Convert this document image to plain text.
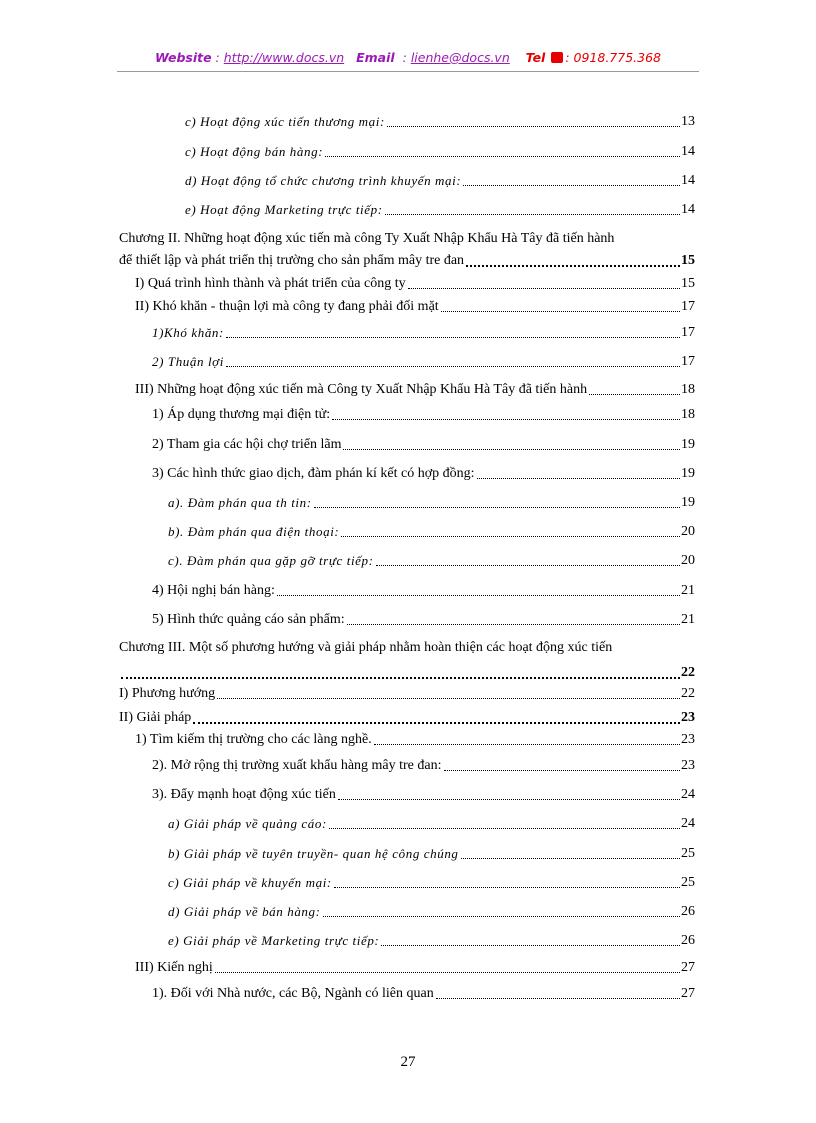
Website : http://www.docs.vn Email  : lienhe@docs.vn Tel : 0918.775.368
c) Hoạt động xúc tiến thương mại:	13
c) Hoạt động bán hàng:	14
d) Hoạt động tổ chức chương trình khuyến mại:	14
e) Hoạt động Marketing trực tiếp:	14
Chương II. Những hoạt động xúc tiến mà công Ty Xuất Nhập Khẩu Hà Tây đã tiến hành
để thiết lập và phát triển thị trường cho sản phẩm mây tre đan	15
I) Quá trình hình thành và phát triển của công ty	15
II) Khó khăn - thuận lợi mà công ty đang phải đối mặt	17
1)Khó khăn:	17
2) Thuận lợi	17
III) Những hoạt động xúc tiến mà Công ty Xuất Nhập Khẩu Hà Tây đã tiến hành	18
1) Áp dụng thương mại điện tử:	18
2) Tham gia các hội chợ triển lãm	19
3) Các hình thức giao dịch, đàm phán kí kết có hợp đồng:	19
a). Đàm phán qua th tin:	19
b). Đàm phán qua điện thoại:	20
c). Đàm phán qua gặp gỡ trực tiếp:	20
4) Hội nghị bán hàng:	21
5) Hình thức quảng cáo sản phẩm:	21
Chương III. Một số phương hướng và giải pháp nhằm hoàn thiện các hoạt động xúc tiến
22
I) Phương hướng	22
II) Giải pháp	23
1) Tìm kiếm thị trường cho các làng nghề.	23
2). Mở rộng thị trường xuất khẩu hàng mây tre đan:	23
3). Đẩy mạnh hoạt động xúc tiến	24
a) Giải pháp về quảng cáo:	24
b) Giải pháp về tuyên truyền- quan hệ công chúng	25
c) Giải pháp về khuyến mại:	25
d) Giải pháp về bán hàng:	26
e) Giải pháp về Marketing trực tiếp:	26
III) Kiến nghị	27
1). Đối với Nhà nước, các Bộ, Ngành có liên quan	27
27
